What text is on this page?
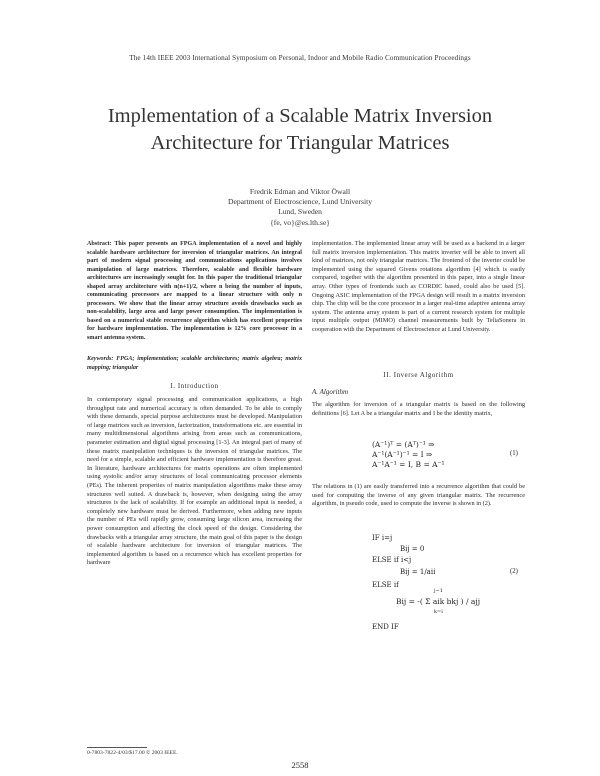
The 14th IEEE 2003 International Symposium on Personal, Indoor and Mobile Radio Communication Proceedings
Implementation of a Scalable Matrix Inversion
Architecture for Triangular Matrices
Fredrik Edman and Viktor Öwall
Department of Electroscience, Lund University
Lund, Sweden
{fe, vo}@es.lth.se}
Abstract: This paper presents an FPGA implementation of a novel and highly scalable hardware architecture for inversion of triangular matrices. An integral part of modern signal processing and communications applications involves manipulation of large matrices. Therefore, scalable and flexible hardware architectures are increasingly sought for. In this paper the traditional triangular shaped array architecture with n(n+1)/2, where n being the number of inputs, communicating processors are mapped to a linear structure with only n processors. We show that the linear array structure avoids drawbacks such as non-scalability, large area and large power consumption. The implementation is based on a numerical stable recurrence algorithm which has excellent properties for hardware implementation. The implementation is 12% core processor in a smart antenna system.
Keywords: FPGA; implementation; scalable architectures; matrix algebra; matrix mapping; triangular
I. Introduction
In contemporary signal processing and communication applications, a high throughput rate and numerical accuracy is often demanded. To be able to comply with these demands, special purpose architectures must be developed. Manipulation of large matrices such as inversion, factorization, transformations etc. are essential in many multidimensional algorithms arising from areas such as communications, parameter estimation and digital signal processing [1-3]. An integral part of many of these matrix manipulation techniques is the inversion of triangular matrices. The need for a simple, scalable and efficient hardware implementation is therefore great. In literature, hardware architectures for matrix operations are often implemented using systolic and/or array structures of local communicating processor elements (PEs). The inherent properties of matrix manipulation algorithms make these array structures well suited. A drawback is, however, when designing using the array structures is the lack of scalability. If for example an additional input is needed, a completely new hardware must be derived. Furthermore, when adding new inputs the number of PEs will rapidly grow, consuming large silicon area, increasing the power consumption and affecting the clock speed of the design. Considering the drawbacks with a triangular array structure, the main goal of this paper is the design of scalable hardware architecture for inversion of triangular matrices. The implemented algorithm is based on a recurrence which has excellent properties for hardware
implementation. The implemented linear array will be used as a backend in a larger full matrix inversion implementation. This matrix inverter will be able to invert all kind of matrices, not only triangular matrices. The frontend of the inverter could be implemented using the squared Givens rotations algorithm [4] which is easily compared, together with the algorithm presented in this paper, into a single linear array. Other types of frontends such as CORDIC based, could also be used [5]. Ongoing ASIC implementation of the FPGA design will result in a matrix inversion chip. The chip will be the core processor in a larger real-time adaptive antenna array system. The antenna array system is part of a current research system for multiple input multiple output (MIMO) channel measurements built by TeliaSonera in cooperation with the Department of Electroscience at Lund University.
II. Inverse Algorithm
A. Algorithm
The algorithm for inversion of a triangular matrix is based on the following definitions [6]. Let A be a triangular matrix and I be the identity matrix,
(A⁻¹)ᵀ = (Aᵀ)⁻¹ ⇒
A⁻¹(A⁻¹)⁻¹ = I ⇒
A⁻¹A⁻¹ = I, B = A⁻¹
(1)
The relations in (1) are easily transferred into a recurrence algorithm that could be used for computing the inverse of any given triangular matrix. The recurrence algorithm, in pseudo code, used to compute the inverse is shown in (2).
IF i=j
Bij = 0
ELSE if i<j
Bij = 1/aii	(2)
ELSE if
Bij = -( Σ aik bkj ) / ajj
j−1
k=i
END IF
0-7803-7822-4/03/$17.00 © 2003 IEEE.
2558
